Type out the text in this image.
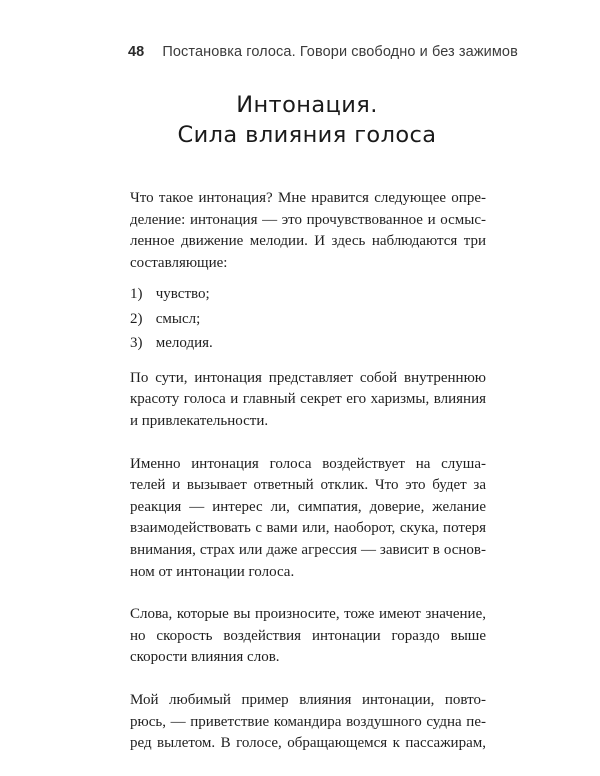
48 Постановка голоса. Говори свободно и без зажимов
Интонация.
Сила влияния голоса

Что такое интонация? Мне нравится следующее опре-
деление: интонация — это прочувствованное и осмыс-
ленное движение мелодии. И здесь наблюдаются три
составляющие:

1) чувство;
2) смысл;
3) мелодия.

По сути, интонация представляет собой внутреннюю
красоту голоса и главный секрет его харизмы, влияния
и привлекательности.

Именно интонация голоса воздействует на слуша-
телей и вызывает ответный отклик. Что это будет за
реакция — интерес ли, симпатия, доверие, желание
взаимодействовать с вами или, наоборот, скука, потеря
внимания, страх или даже агрессия — зависит в основ-
ном от интонации голоса.

Слова, которые вы произносите, тоже имеют значение,
но скорость воздействия интонации гораздо выше
скорости влияния слов.

Мой любимый пример влияния интонации, повто-
рюсь, — приветствие командира воздушного судна пе-
ред вылетом. В голосе, обращающемся к пассажирам,
